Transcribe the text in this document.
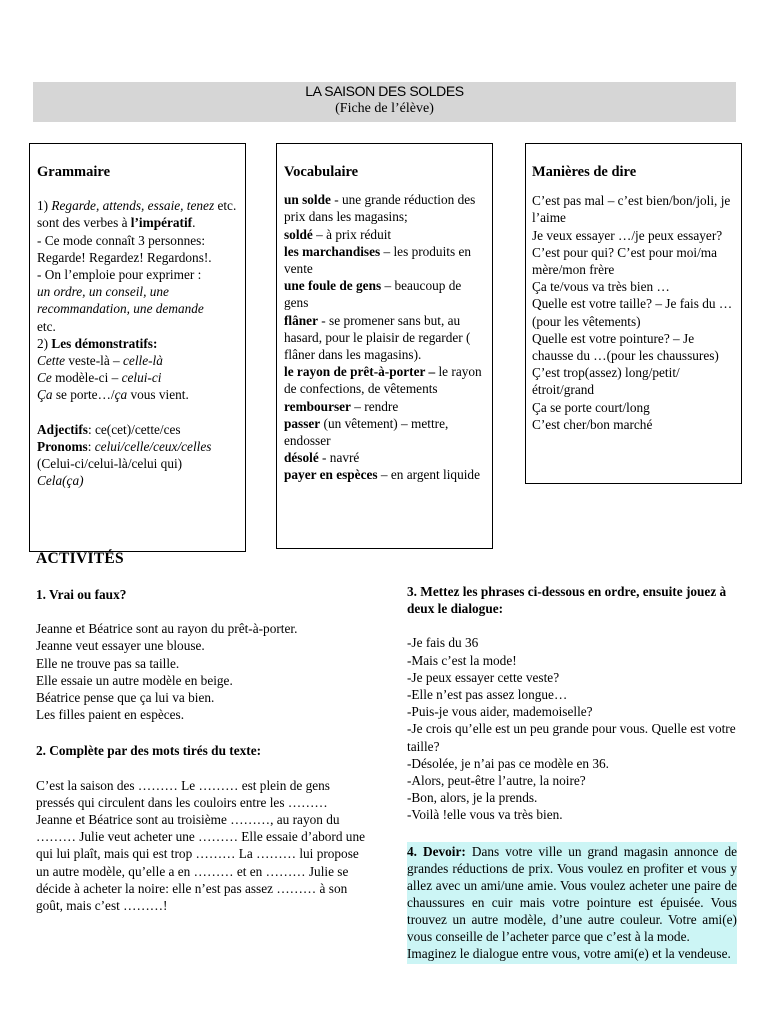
LA SAISON DES SOLDES
(Fiche de l’élève)
Grammaire

1) Regarde, attends, essaie, tenez etc. sont des verbes à l’impératif.

- Ce mode connaît 3 personnes: Regarde! Regardez! Regardons!.

- On l’emploie pour exprimer :
un ordre, un conseil, une recommandation, une demande
etc.

2) Les démonstratifs:
Cette veste-là – celle-là
Ce modèle-ci – celui-ci
Ça se porte…/ça vous vient.

Adjectifs: ce(cet)/cette/ces

Pronoms: celui/celle/ceux/celles
(Celui-ci/celui-là/celui qui)
Cela(ça)

Vocabulaire

un solde - une grande réduction des prix dans les magasins;

soldé – à prix réduit

les marchandises – les produits en vente

une foule de gens – beaucoup de gens

flâner - se promener sans but, au hasard, pour le plaisir de regarder ( flâner dans les magasins).

le rayon de prêt-à-porter – le rayon de confections, de vêtements

rembourser – rendre

passer (un vêtement) – mettre, endosser

désolé - navré

payer en espèces – en argent liquide

Manières de dire

C’est pas mal – c’est bien/bon/joli, je l’aime

Je veux essayer …/je peux essayer?

C’est pour qui? C’est pour moi/ma mère/mon frère

Ça te/vous va très bien …

Quelle est votre taille? – Je fais du …(pour les vêtements)

Quelle est votre pointure? – Je chausse du …(pour les chaussures)

Ç’est trop(assez) long/petit/étroit/grand

Ça se porte court/long

C’est cher/bon marché

ACTIVITÉS
1. Vrai ou faux?

Jeanne et Béatrice sont au rayon du prêt-à-porter.

Jeanne veut essayer une blouse.

Elle ne trouve pas sa taille.

Elle essaie un autre modèle en beige.

Béatrice pense que ça lui va bien.

Les filles paient en espèces.

2. Complète par des mots tirés du texte:

C’est la saison des ……… Le ……… est plein de gens pressés qui circulent dans les couloirs entre les ……… Jeanne et Béatrice sont au troisième ………, au rayon du ……… Julie veut acheter une ……… Elle essaie d’abord une qui lui plaît, mais qui est trop ……… La ……… lui propose un autre modèle, qu’elle a en ……… et en ……… Julie se décide à acheter la noire: elle n’est pas assez ……… à son goût, mais c’est ………!

3. Mettez les phrases ci-dessous en ordre, ensuite jouez à deux le dialogue:

-Je fais du 36

-Mais c’est la mode!

-Je peux essayer cette veste?

-Elle n’est pas assez longue…

-Puis-je vous aider, mademoiselle?

-Je crois qu’elle est un peu grande pour vous. Quelle est votre taille?

-Désolée, je n’ai pas ce modèle en 36.

-Alors, peut-être l’autre, la noire?

-Bon, alors, je la prends.

-Voilà !elle vous va très bien.

4. Devoir: Dans votre ville un grand magasin annonce de grandes réductions de prix. Vous voulez en profiter et vous y allez avec un ami/une amie. Vous voulez acheter une paire de chaussures en cuir mais votre pointure est épuisée. Vous trouvez un autre modèle, d’une autre couleur. Votre ami(e) vous conseille de l’acheter parce que c’est à la mode.

Imaginez le dialogue entre vous, votre ami(e) et la vendeuse.
